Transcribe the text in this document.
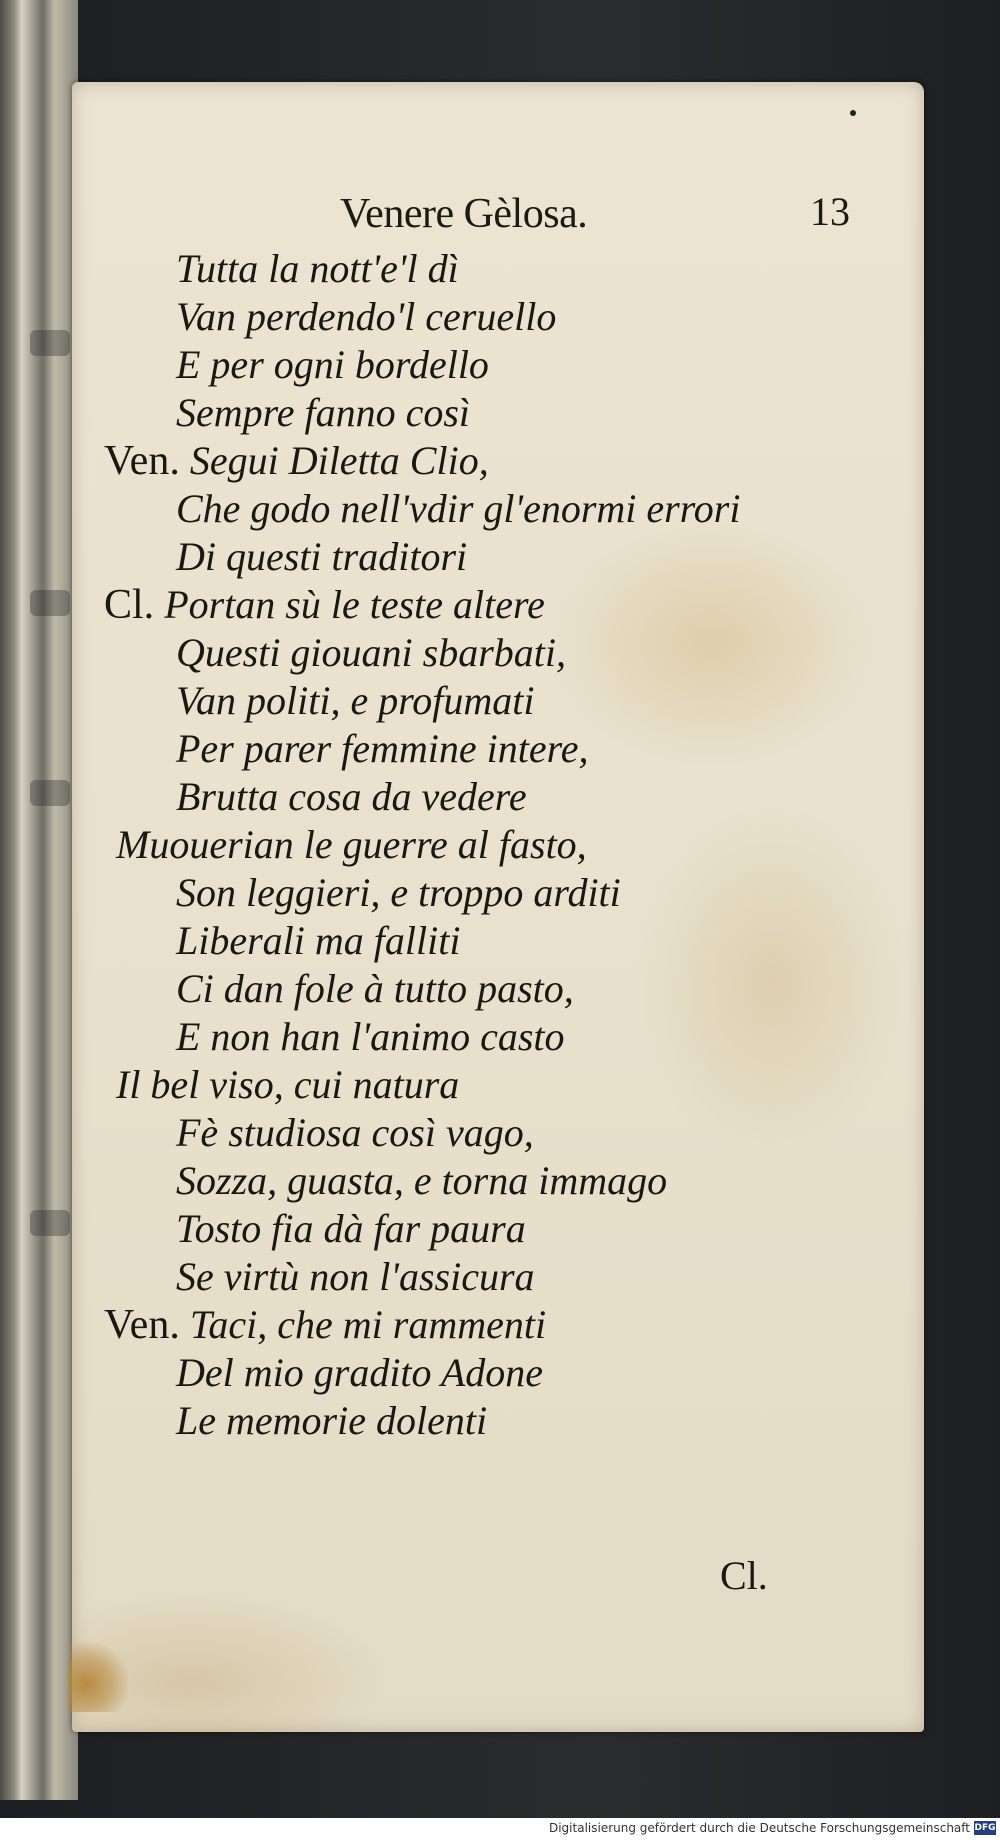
Venere Gèlosa.	13
Tutta la nott'e'l dì
Van perdendo'l ceruello
E per ogni bordello
Sempre fanno così
Ven. Segui Diletta Clio,
Che godo nell'vdir gl'enormi errori
Di questi traditori
Cl. Portan sù le teste altere
Questi giouani sbarbati,
Van politi, e profumati
Per parer femmine intere,
Brutta cosa da vedere
Muouerian le guerre al fasto,
Son leggieri, e troppo arditi
Liberali ma falliti
Ci dan fole à tutto pasto,
E non han l'animo casto
Il bel viso, cui natura
Fè studiosa così vago,
Sozza, guasta, e torna immago
Tosto fia dà far paura
Se virtù non l'assicura
Ven. Taci, che mi rammenti
Del mio gradito Adone
Le memorie dolenti
Cl.
Digitalisierung gefördert durch die Deutsche Forschungsgemeinschaft DFG
